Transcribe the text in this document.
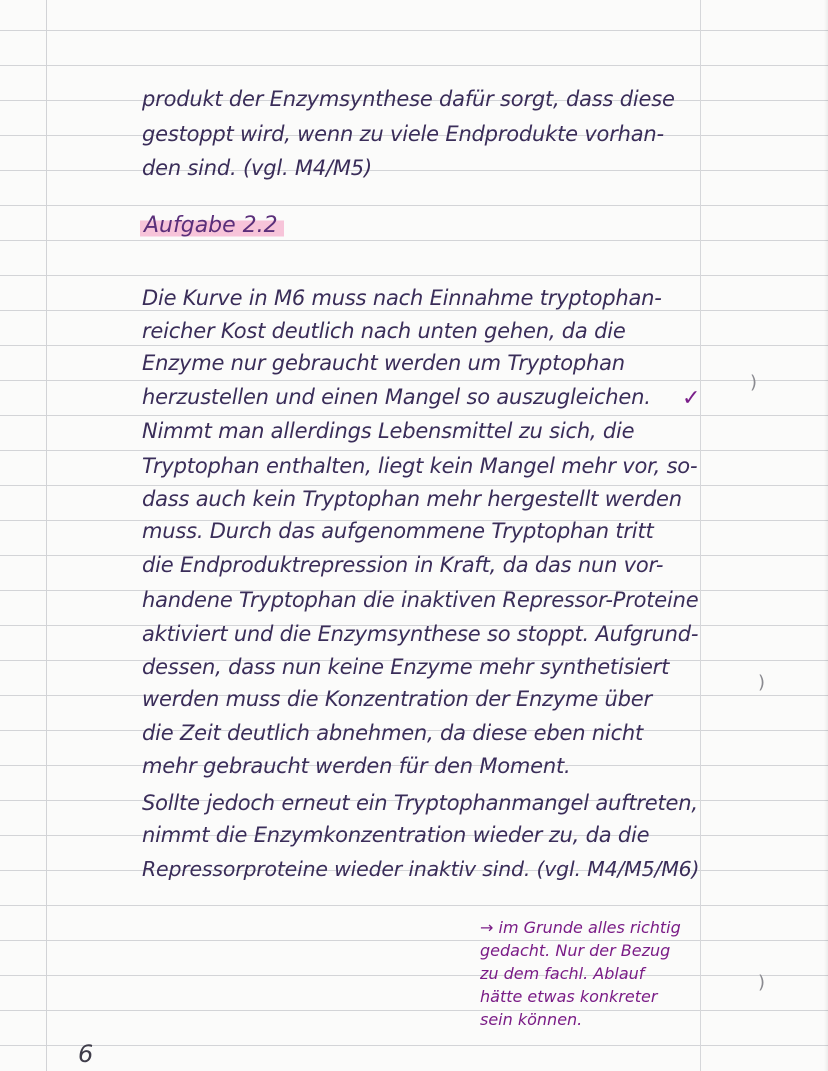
produkt der Enzymsynthese dafür sorgt, dass diese
gestoppt wird, wenn zu viele Endprodukte vorhan-
den sind. (vgl. M4/M5)
Aufgabe 2.2
Die Kurve in M6 muss nach Einnahme tryptophan-
reicher Kost deutlich nach unten gehen, da die
Enzyme nur gebraucht werden um Tryptophan
herzustellen und einen Mangel so auszugleichen.
Nimmt man allerdings Lebensmittel zu sich, die
Tryptophan enthalten, liegt kein Mangel mehr vor, so-
dass auch kein Tryptophan mehr hergestellt werden
muss. Durch das aufgenommene Tryptophan tritt
die Endproduktrepression in Kraft, da das nun vor-
handene Tryptophan die inaktiven Repressor-Proteine
aktiviert und die Enzymsynthese so stoppt. Aufgrund-
dessen, dass nun keine Enzyme mehr synthetisiert
werden muss die Konzentration der Enzyme über
die Zeit deutlich abnehmen, da diese eben nicht
mehr gebraucht werden für den Moment.
Sollte jedoch erneut ein Tryptophanmangel auftreten,
nimmt die Enzymkonzentration wieder zu, da die
Repressorproteine wieder inaktiv sind. (vgl. M4/M5/M6)
✓
→ im Grunde alles richtig
gedacht. Nur der Bezug
zu dem fachl. Ablauf
hätte etwas konkreter
sein können.
6
)
)
)
